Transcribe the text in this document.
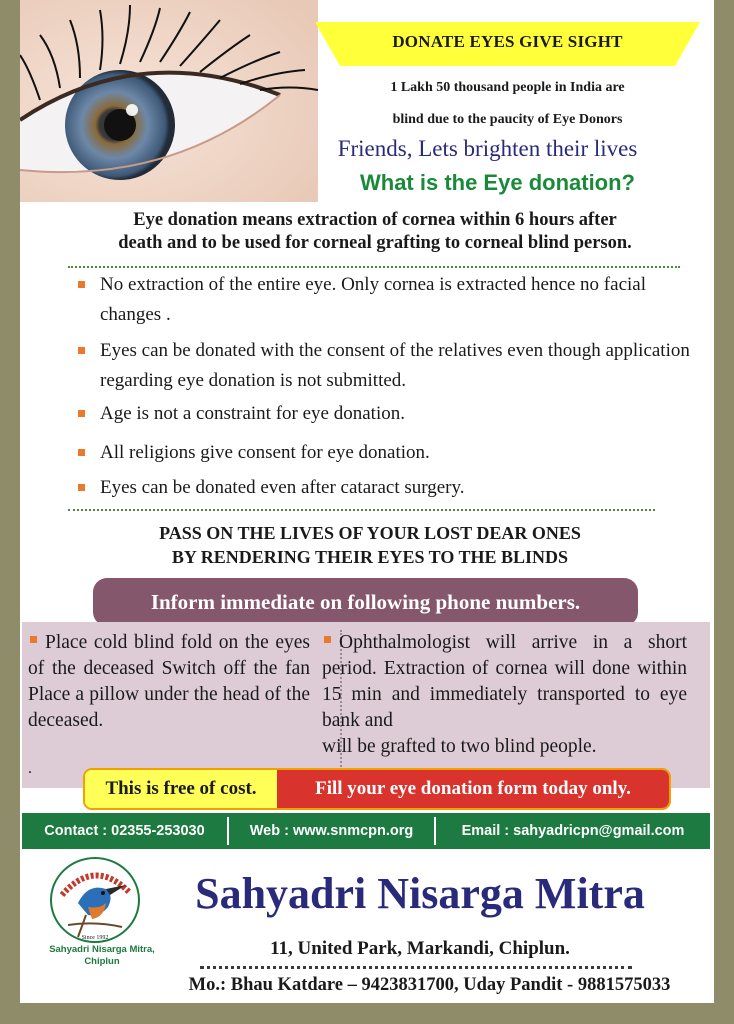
DONATE EYES GIVE SIGHT
1 Lakh 50 thousand people in India are
blind due to the paucity of Eye Donors
Friends, Lets brighten their lives
What is the Eye donation?
Eye donation means extraction of cornea within 6 hours after
death and to be used for corneal grafting to corneal blind person.
No extraction of the entire eye. Only cornea is extracted hence no facial changes .
Eyes can be donated with the consent of the relatives even though application regarding eye donation is not submitted.
Age is not a constraint for eye donation.
All religions give consent for eye donation.
Eyes can be donated even after cataract surgery.
PASS ON THE LIVES OF YOUR LOST DEAR ONES
BY RENDERING THEIR EYES TO THE BLINDS
Inform immediate on following phone numbers.
Place cold blind fold on the eyes of the deceased Switch off the fan Place a pillow under the head of the deceased.
Ophthalmologist will arrive in a short period. Extraction of cornea will done within 15 min and immediately transported to eye bank and
will be grafted to two blind people.
.
This is free of cost.	Fill your eye donation form today only.
Contact : 02355-253030	Web : www.snmcpn.org	Email : sahyadricpn@gmail.com
Since 1992
Sahyadri Nisarga Mitra,
Chiplun
Sahyadri Nisarga Mitra
11, United Park, Markandi, Chiplun.
Mo.: Bhau Katdare – 9423831700, Uday Pandit - 9881575033
